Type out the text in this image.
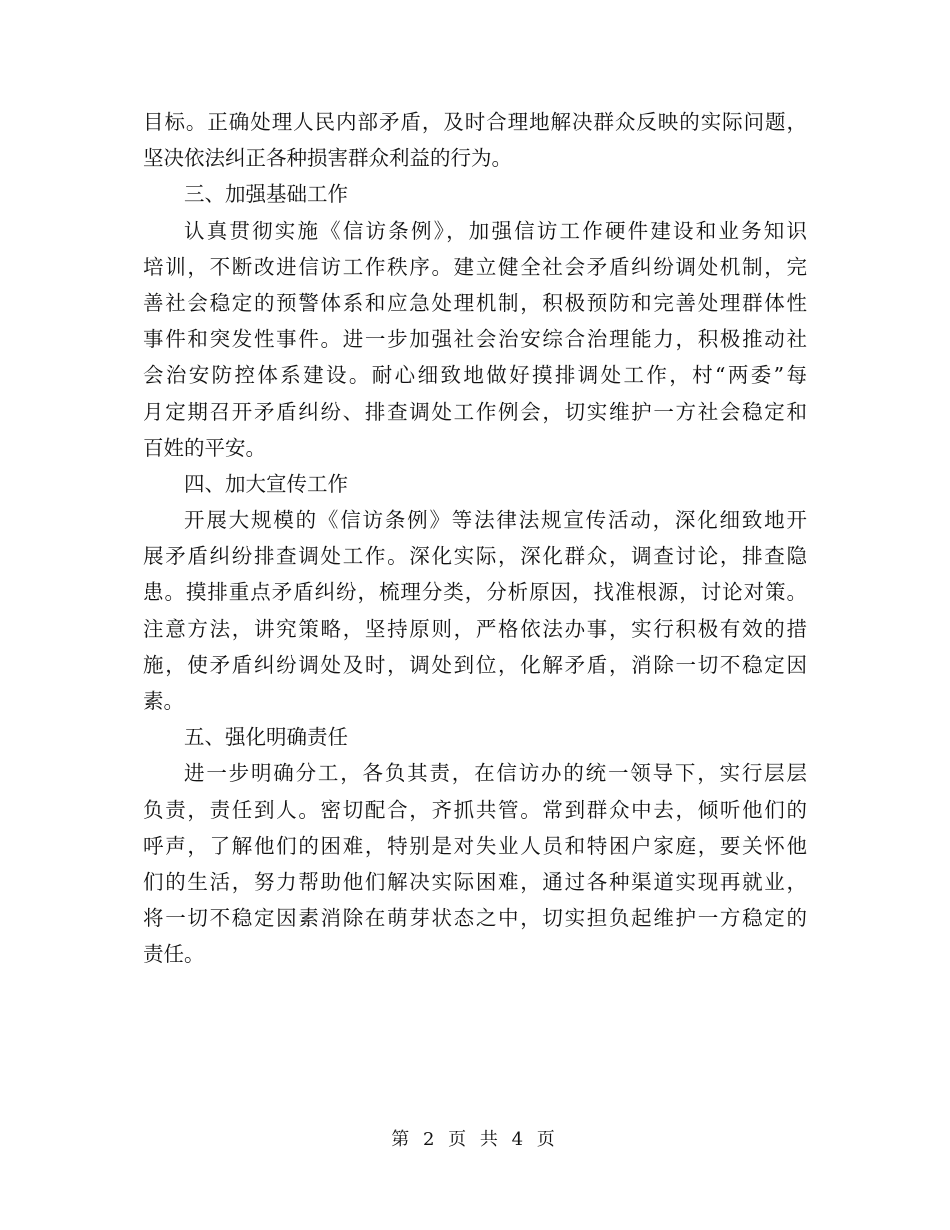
目标。正确处理人民内部矛盾，及时合理地解决群众反映的实际问题，
坚决依法纠正各种损害群众利益的行为。
三、加强基础工作
认真贯彻实施《信访条例》，加强信访工作硬件建设和业务知识
培训，不断改进信访工作秩序。建立健全社会矛盾纠纷调处机制，完
善社会稳定的预警体系和应急处理机制，积极预防和完善处理群体性
事件和突发性事件。进一步加强社会治安综合治理能力，积极推动社
会治安防控体系建设。耐心细致地做好摸排调处工作，村“两委”每
月定期召开矛盾纠纷、排查调处工作例会，切实维护一方社会稳定和
百姓的平安。
四、加大宣传工作
开展大规模的《信访条例》等法律法规宣传活动，深化细致地开
展矛盾纠纷排查调处工作。深化实际，深化群众，调查讨论，排查隐
患。摸排重点矛盾纠纷，梳理分类，分析原因，找准根源，讨论对策。
注意方法，讲究策略，坚持原则，严格依法办事，实行积极有效的措
施，使矛盾纠纷调处及时，调处到位，化解矛盾，消除一切不稳定因
素。
五、强化明确责任
进一步明确分工，各负其责，在信访办的统一领导下，实行层层
负责，责任到人。密切配合，齐抓共管。常到群众中去，倾听他们的
呼声，了解他们的困难，特别是对失业人员和特困户家庭，要关怀他
们的生活，努力帮助他们解决实际困难，通过各种渠道实现再就业，
将一切不稳定因素消除在萌芽状态之中，切实担负起维护一方稳定的
责任。
第 2 页 共 4 页
